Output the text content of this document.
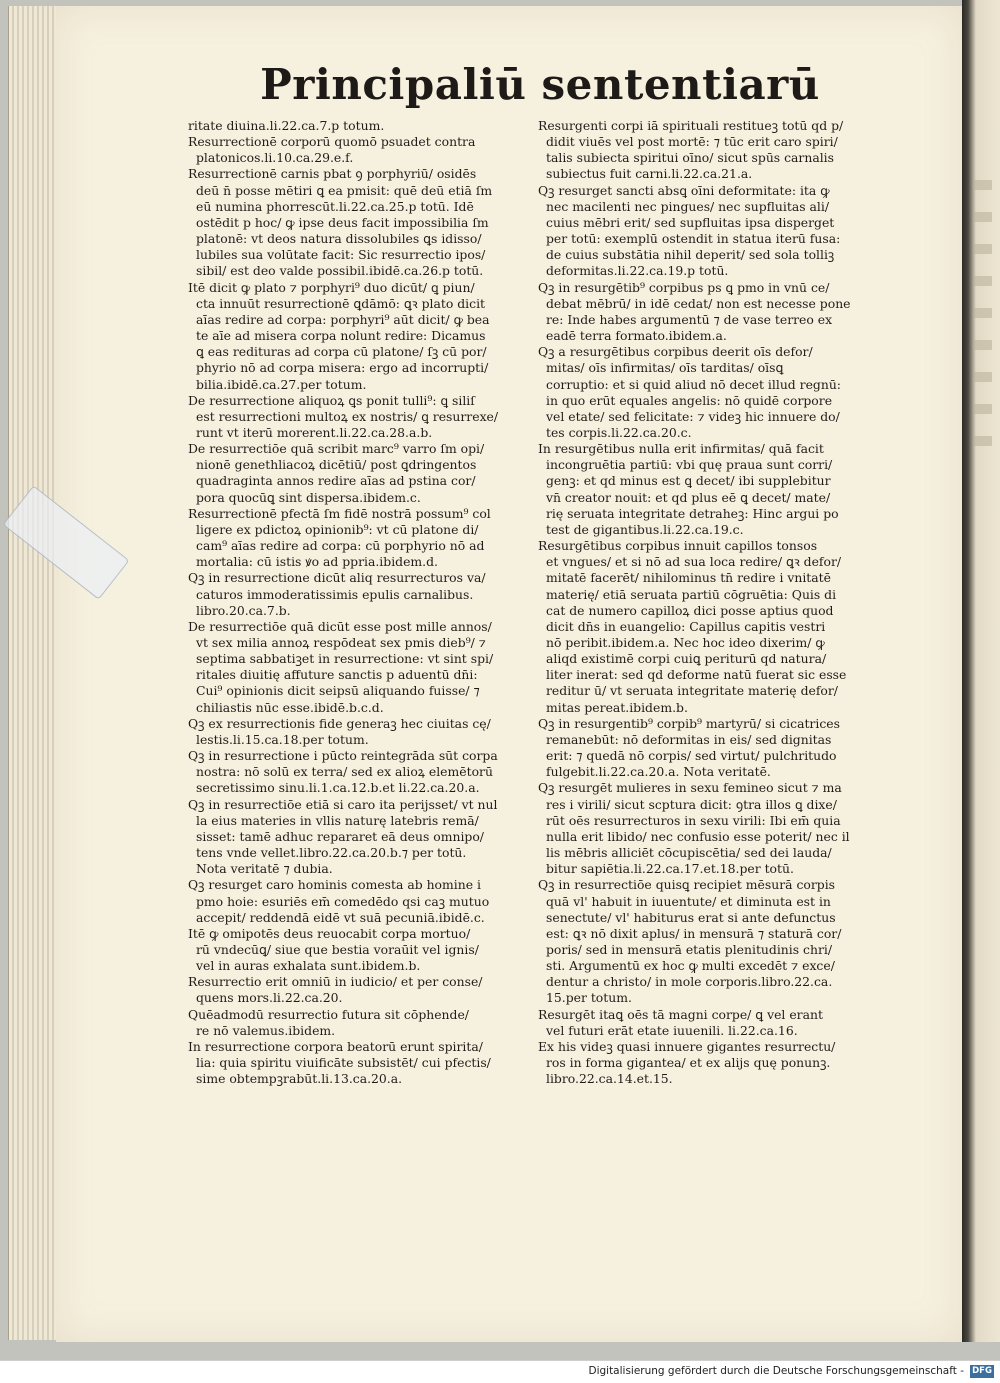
Principaliū sententiarū
ritate diuina.li.22.ca.7.p totum.
Resurrectionē corporū quomō psuadet contra
platonicos.li.10.ca.29.e.f.
Resurrectionē carnis pbat ꝯ porphyriū/ osidēs
deū n̄ posse mētiri ꝗ ea pmisit: quē deū etiā ſm
eū numina phorrescūt.li.22.ca.25.p totū. Idē
ostēdit p hoc/ ꝙ ipse deus facit impossibilia ſm
platonē: vt deos natura dissolubiles ꝗs idisso/
lubiles sua volūtate facit: Sic resurrectio ipos/
sibil/ est deo valde possibil.ibidē.ca.26.p totū.
Itē dicit ꝙ plato ⁊ porphyri⁹ duo dicūt/ ꝗ piun/
cta innuūt resurrectionē ꝗdāmō: ꝗꝛ plato dicit
aīas redire ad corpa: porphyri⁹ aūt dicit/ ꝙ bea
te aīe ad misera corpa nolunt redire: Dicamus
ꝗ eas redituras ad corpa cū platone/ ſꝫ cū por/
phyrio nō ad corpa misera: ergo ad incorrupti/
bilia.ibidē.ca.27.per totum.
De resurrectione aliquoꝝ ꝗs ponit tulli⁹: ꝗ siliſ
est resurrectioni multoꝝ ex nostris/ ꝗ resurrexe/
runt vt iterū morerent.li.22.ca.28.a.b.
De resurrectiōe quā scribit marc⁹ varro ſm opi/
nionē genethliacoꝝ dicētiū/ post ꝗdringentos
quadraginta annos redire aīas ad pstina cor/
pora quocūꝗ sint dispersa.ibidem.c.
Resurrectionē pfectā ſm fidē nostrā possum⁹ col
ligere ex pdictoꝝ opinionib⁹: vt cū platone di/
cam⁹ aīas redire ad corpa: cū porphyrio nō ad
mortalia: cū istis ꝟo ad ppria.ibidem.d.
Qꝫ in resurrectione dicūt aliq resurrecturos va/
caturos immoderatissimis epulis carnalibus.
libro.20.ca.7.b.
De resurrectiōe quā dicūt esse post mille annos/
vt sex milia annoꝝ respōdeat sex pmis dieb⁹/ ⁊
septima sabbatiꝫet in resurrectione: vt sint spi/
ritales diuitię affuture sanctis p aduentū dn̄i:
Cui⁹ opinionis dicit seipsū aliquando fuisse/ ⁊
chiliastis nūc esse.ibidē.b.c.d.
Qꝫ ex resurrectionis fide generaꝫ hec ciuitas cę/
lestis.li.15.ca.18.per totum.
Qꝫ in resurrectione i pūcto reintegrāda sūt corpa
nostra: nō solū ex terra/ sed ex alioꝝ elemētorū
secretissimo sinu.li.1.ca.12.b.et li.22.ca.20.a.
Qꝫ in resurrectiōe etiā si caro ita perijsset/ vt nul
la eius materies in vllis naturę latebris remā/
sisset: tamē adhuc repararet eā deus omnipo/
tens vnde vellet.libro.22.ca.20.b.⁊ per totū.
Nota veritatē ⁊ dubia.
Qꝫ resurget caro hominis comesta ab homine i
pmo hoie: esuriēs em̄ comedēdo qsi caꝫ mutuo
accepit/ reddendā eidē vt suā pecuniā.ibidē.c.
Itē ꝙ omipotēs deus reuocabit corpa mortuo/
rū vndecūꝗ/ siue que bestia voraūit vel ignis/
vel in auras exhalata sunt.ibidem.b.
Resurrectio erit omniū in iudicio/ et per conse/
quens mors.li.22.ca.20.
Quēadmodū resurrectio futura sit cōphende/
re nō valemus.ibidem.
In resurrectione corpora beatorū erunt spirita/
lia: quia spiritu viuificāte subsistēt/ cui pfectis/
sime obtempꝫrabūt.li.13.ca.20.a.
Resurgenti corpi iā spirituali restitueꝫ totū qd p/
didit viuēs vel post mortē: ⁊ tūc erit caro spiri/
talis subiecta spiritui oīno/ sicut spūs carnalis
subiectus fuit carni.li.22.ca.21.a.
Qꝫ resurget sancti absꝗ oīni deformitate: ita ꝙ
nec macilenti nec pingues/ nec supfluitas ali/
cuius mēbri erit/ sed supfluitas ipsa disperget
per totū: exemplū ostendit in statua iterū fusa:
de cuius substātia nihil deperit/ sed sola tolliꝫ
deformitas.li.22.ca.19.p totū.
Qꝫ in resurgētib⁹ corpibus ps ꝗ pmo in vnū ce/
debat mēbrū/ in idē cedat/ non est necesse pone
re: Inde habes argumentū ⁊ de vase terreo ex
eadē terra formato.ibidem.a.
Qꝫ a resurgētibus corpibus deerit oīs defor/
mitas/ oīs infirmitas/ oīs tarditas/ oīsꝗ
corruptio: et si quid aliud nō decet illud regnū:
in quo erūt equales angelis: nō quidē corpore
vel etate/ sed felicitate: ⁊ videꝫ hic innuere do/
tes corpis.li.22.ca.20.c.
In resurgētibus nulla erit infirmitas/ quā facit
incongruētia partiū: vbi quę praua sunt corri/
genꝫ: et qd minus est ꝗ decet/ ibi supplebitur
vn̄ creator nouit: et qd plus eē ꝗ decet/ mate/
rię seruata integritate detraheꝫ: Hinc argui po
test de gigantibus.li.22.ca.19.c.
Resurgētibus corpibus innuit capillos tonsos
et vngues/ et si nō ad sua loca redire/ ꝗꝛ defor/
mitatē facerēt/ nihilominus tn̄ redire i vnitatē
materię/ etiā seruata partiū cōgruētia: Quis di
cat de numero capilloꝝ dici posse aptius quod
dicit dn̄s in euangelio: Capillus capitis vestri
nō peribit.ibidem.a. Nec hoc ideo dixerim/ ꝙ
aliqd existimē corpi cuiꝗ periturū qd natura/
liter inerat: sed qd deforme natū fuerat sic esse
reditur ū/ vt seruata integritate materię defor/
mitas pereat.ibidem.b.
Qꝫ in resurgentib⁹ corpib⁹ martyrū/ si cicatrices
remanebūt: nō deformitas in eis/ sed dignitas
erit: ⁊ quedā nō corpis/ sed virtut/ pulchritudo
fulgebit.li.22.ca.20.a. Nota veritatē.
Qꝫ resurgēt mulieres in sexu femineo sicut ⁊ ma
res i virili/ sicut scptura dicit: ꝯtra illos ꝗ dixe/
rūt oēs resurrecturos in sexu virili: Ibi em̄ quia
nulla erit libido/ nec confusio esse poterit/ nec il
lis mēbris alliciēt cōcupiscētia/ sed dei lauda/
bitur sapiētia.li.22.ca.17.et.18.per totū.
Qꝫ in resurrectiōe quisꝗ recipiet mēsurā corpis
quā vl' habuit in iuuentute/ et diminuta est in
senectute/ vl' habiturus erat si ante defunctus
est: ꝗꝛ nō dixit aplus/ in mensurā ⁊ staturā cor/
poris/ sed in mensurā etatis plenitudinis chri/
sti. Argumentū ex hoc ꝙ multi excedēt ⁊ exce/
dentur a christo/ in mole corporis.libro.22.ca.
15.per totum.
Resurgēt itaꝗ oēs tā magni corpe/ ꝗ vel erant
vel futuri erāt etate iuuenili. li.22.ca.16.
Ex his videꝫ quasi innuere gigantes resurrectu/
ros in forma gigantea/ et ex alijs quę ponunꝫ.
libro.22.ca.14.et.15.
Digitalisierung gefördert durch die Deutsche Forschungsgemeinschaft - DFG
